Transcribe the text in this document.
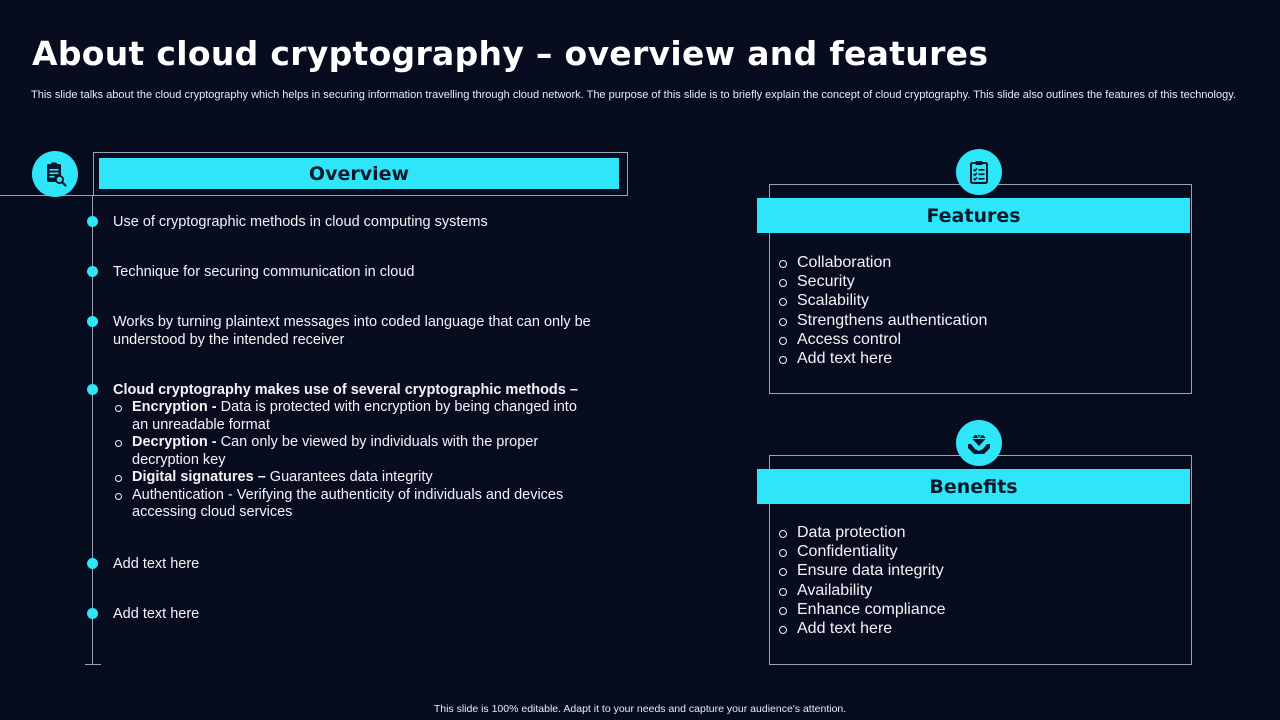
About cloud cryptography – overview and features

This slide talks about the cloud cryptography which helps in securing information travelling through cloud network. The purpose of this slide is to briefly explain the concept of cloud cryptography. This slide also outlines the features of this technology.

Overview
Use of cryptographic methods in cloud computing systems
Technique for securing communication in cloud
Works by turning plaintext messages into coded language that can only be understood by the intended receiver
Cloud cryptography makes use of several cryptographic methods –
Encryption - Data is protected with encryption by being changed into an unreadable format
Decryption - Can only be viewed by individuals with the proper decryption key
Digital signatures – Guarantees data integrity
Authentication - Verifying the authenticity of individuals and devices accessing cloud services
Add text here
Add text here
Features
Collaboration
Security
Scalability
Strengthens authentication
Access control
Add text here
Benefits
Data protection
Confidentiality
Ensure data integrity
Availability
Enhance compliance
Add text here
This slide is 100% editable. Adapt it to your needs and capture your audience's attention.
